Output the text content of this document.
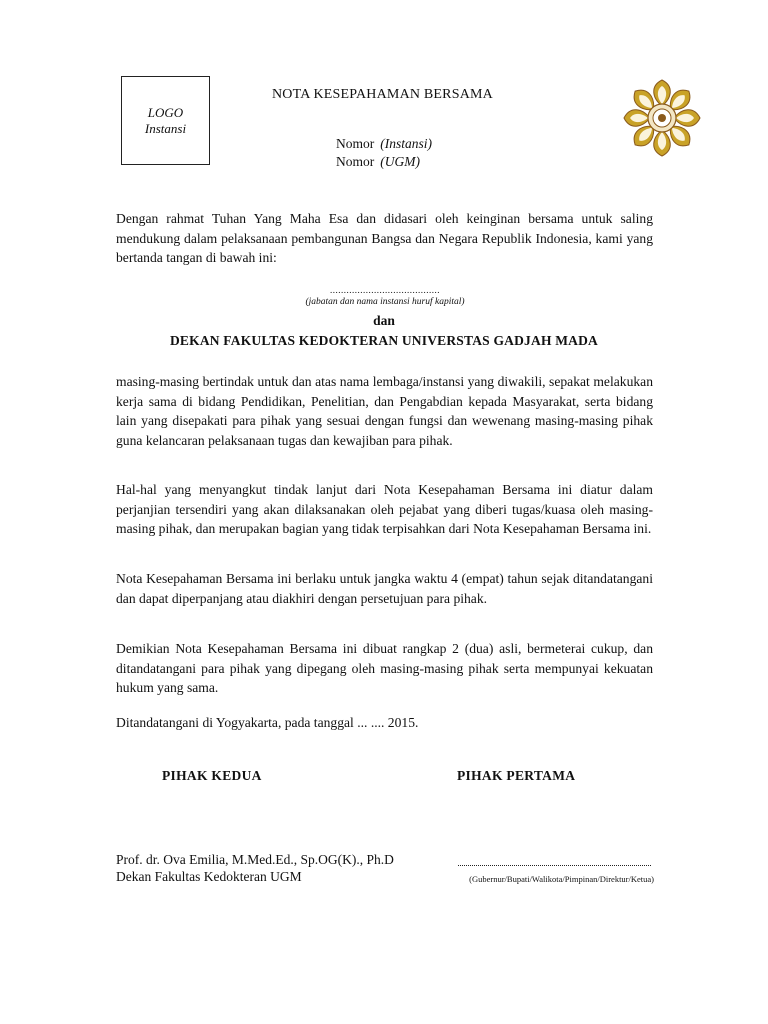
LOGO
Instansi
NOTA KESEPAHAMAN BERSAMA
Nomor (Instansi)
Nomor (UGM)
Dengan rahmat Tuhan Yang Maha Esa dan didasari oleh keinginan bersama untuk saling mendukung dalam pelaksanaan pembangunan Bangsa dan Negara Republik Indonesia, kami yang bertanda tangan di bawah ini:
........................................
(jabatan dan nama instansi huruf kapital)
dan
DEKAN FAKULTAS KEDOKTERAN UNIVERSTAS GADJAH MADA
masing-masing bertindak untuk dan atas nama lembaga/instansi yang diwakili, sepakat melakukan kerja sama di bidang Pendidikan, Penelitian, dan Pengabdian kepada Masyarakat, serta bidang lain yang disepakati para pihak yang sesuai dengan fungsi dan wewenang masing-masing pihak guna kelancaran pelaksanaan tugas dan kewajiban para pihak.
Hal-hal yang menyangkut tindak lanjut dari Nota Kesepahaman Bersama ini diatur dalam perjanjian tersendiri yang akan dilaksanakan oleh pejabat yang diberi tugas/kuasa oleh masing-masing pihak, dan merupakan bagian yang tidak terpisahkan dari Nota Kesepahaman Bersama ini.
Nota Kesepahaman Bersama ini berlaku untuk jangka waktu 4 (empat) tahun sejak ditandatangani dan dapat diperpanjang atau diakhiri dengan persetujuan para pihak.
Demikian Nota Kesepahaman Bersama ini dibuat rangkap 2 (dua) asli, bermeterai cukup, dan ditandatangani para pihak yang dipegang oleh masing-masing pihak serta mempunyai kekuatan hukum yang sama.
Ditandatangani di Yogyakarta, pada tanggal ... .... 2015.
PIHAK KEDUA	PIHAK PERTAMA
Prof. dr. Ova Emilia, M.Med.Ed., Sp.OG(K)., Ph.D
Dekan Fakultas Kedokteran UGM	(Gubernur/Bupati/Walikota/Pimpinan/Direktur/Ketua)
